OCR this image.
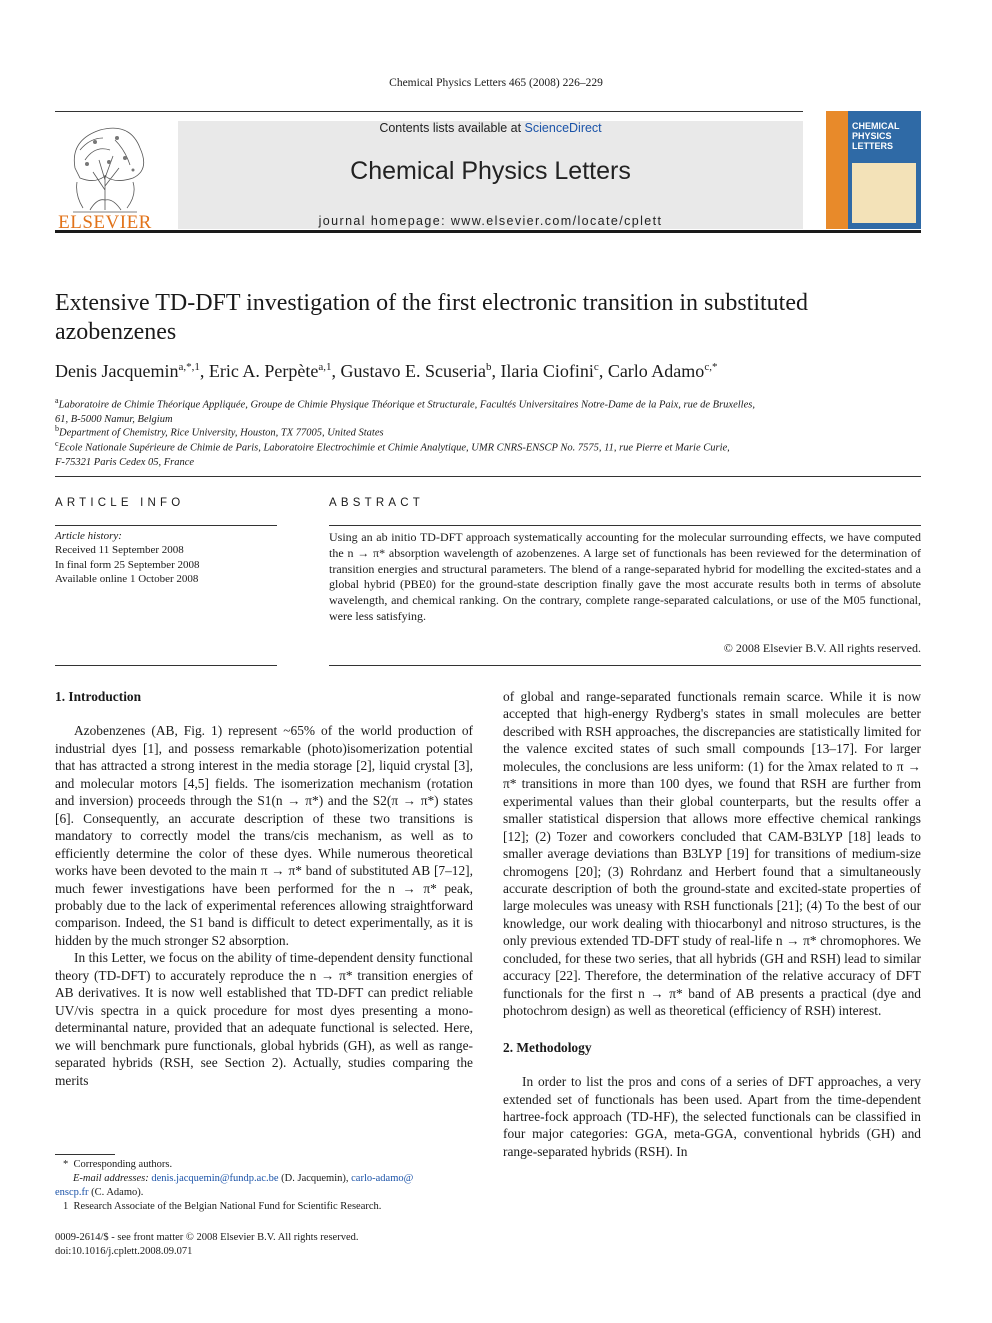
Chemical Physics Letters 465 (2008) 226–229
ELSEVIER
Contents lists available at ScienceDirect
Chemical Physics Letters
journal homepage: www.elsevier.com/locate/cplett
CHEMICAL
PHYSICS
LETTERS
Extensive TD-DFT investigation of the first electronic transition in substituted
azobenzenes
Denis Jacquemin$^{a,*,1}$, Eric A. Perpète$^{a,1}$, Gustavo E. Scuseria$^b$, Ilaria Ciofini$^c$, Carlo Adamo$^{c,*}$
$^a$Laboratoire de Chimie Théorique Appliquée, Groupe de Chimie Physique Théorique et Structurale, Facultés Universitaires Notre-Dame de la Paix, rue de Bruxelles,
61, B-5000 Namur, Belgium
$^b$Department of Chemistry, Rice University, Houston, TX 77005, United States
$^c$Ecole Nationale Supérieure de Chimie de Paris, Laboratoire Electrochimie et Chimie Analytique, UMR CNRS-ENSCP No. 7575, 11, rue Pierre et Marie Curie,
F-75321 Paris Cedex 05, France
ARTICLE INFO
Article history:
Received 11 September 2008
In final form 25 September 2008
Available online 1 October 2008
ABSTRACT
Using an ab initio TD-DFT approach systematically accounting for the molecular surrounding effects, we have computed the n → π* absorption wavelength of azobenzenes. A large set of functionals has been reviewed for the determination of transition energies and structural parameters. The blend of a range-separated hybrid for modelling the excited-states and a global hybrid (PBE0) for the ground-state description finally gave the most accurate results both in terms of absolute wavelength, and chemical ranking. On the contrary, complete range-separated calculations, or use of the M05 functional, were less satisfying.
© 2008 Elsevier B.V. All rights reserved.
1. Introduction

Azobenzenes (AB, Fig. 1) represent ~65% of the world production of industrial dyes [1], and possess remarkable (photo)isomerization potential that has attracted a strong interest in the media storage [2], liquid crystal [3], and molecular motors [4,5] fields. The isomerization mechanism (rotation and inversion) proceeds through the S1(n → π*) and the S2(π → π*) states [6]. Consequently, an accurate description of these two transitions is mandatory to correctly model the trans/cis mechanism, as well as to efficiently determine the color of these dyes. While numerous theoretical works have been devoted to the main π → π* band of substituted AB [7–12], much fewer investigations have been performed for the n → π* peak, probably due to the lack of experimental references allowing straightforward comparison. Indeed, the S1 band is difficult to detect experimentally, as it is hidden by the much stronger S2 absorption.

In this Letter, we focus on the ability of time-dependent density functional theory (TD-DFT) to accurately reproduce the n → π* transition energies of AB derivatives. It is now well established that TD-DFT can predict reliable UV/vis spectra in a quick procedure for most dyes presenting a mono-determinantal nature, provided that an adequate functional is selected. Here, we will benchmark pure functionals, global hybrids (GH), as well as range-separated hybrids (RSH, see Section 2). Actually, studies comparing the merits

of global and range-separated functionals remain scarce. While it is now accepted that high-energy Rydberg's states in small molecules are better described with RSH approaches, the discrepancies are statistically limited for the valence excited states of such small compounds [13–17]. For larger molecules, the conclusions are less uniform: (1) for the λmax related to π → π* transitions in more than 100 dyes, we found that RSH are further from experimental values than their global counterparts, but the results offer a smaller statistical dispersion that allows more effective chemical rankings [12]; (2) Tozer and coworkers concluded that CAM-B3LYP [18] leads to smaller average deviations than B3LYP [19] for transitions of medium-size chromogens [20]; (3) Rohrdanz and Herbert found that a simultaneously accurate description of both the ground-state and excited-state properties of large molecules was uneasy with RSH functionals [21]; (4) To the best of our knowledge, our work dealing with thiocarbonyl and nitroso structures, is the only previous extended TD-DFT study of real-life n → π* chromophores. We concluded, for these two series, that all hybrids (GH and RSH) lead to similar accuracy [22]. Therefore, the determination of the relative accuracy of DFT functionals for the first n → π* band of AB presents a practical (dye and photochrom design) as well as theoretical (efficiency of RSH) interest.

2. Methodology

In order to list the pros and cons of a series of DFT approaches, a very extended set of functionals has been used. Apart from the time-dependent hartree-fock approach (TD-HF), the selected functionals can be classified in four major categories: GGA, meta-GGA, conventional hybrids (GH) and range-separated hybrids (RSH). In

* Corresponding authors.
E-mail addresses: denis.jacquemin@fundp.ac.be (D. Jacquemin), carlo-adamo@
enscp.fr (C. Adamo).
1 Research Associate of the Belgian National Fund for Scientific Research.
0009-2614/$ - see front matter © 2008 Elsevier B.V. All rights reserved.
doi:10.1016/j.cplett.2008.09.071
